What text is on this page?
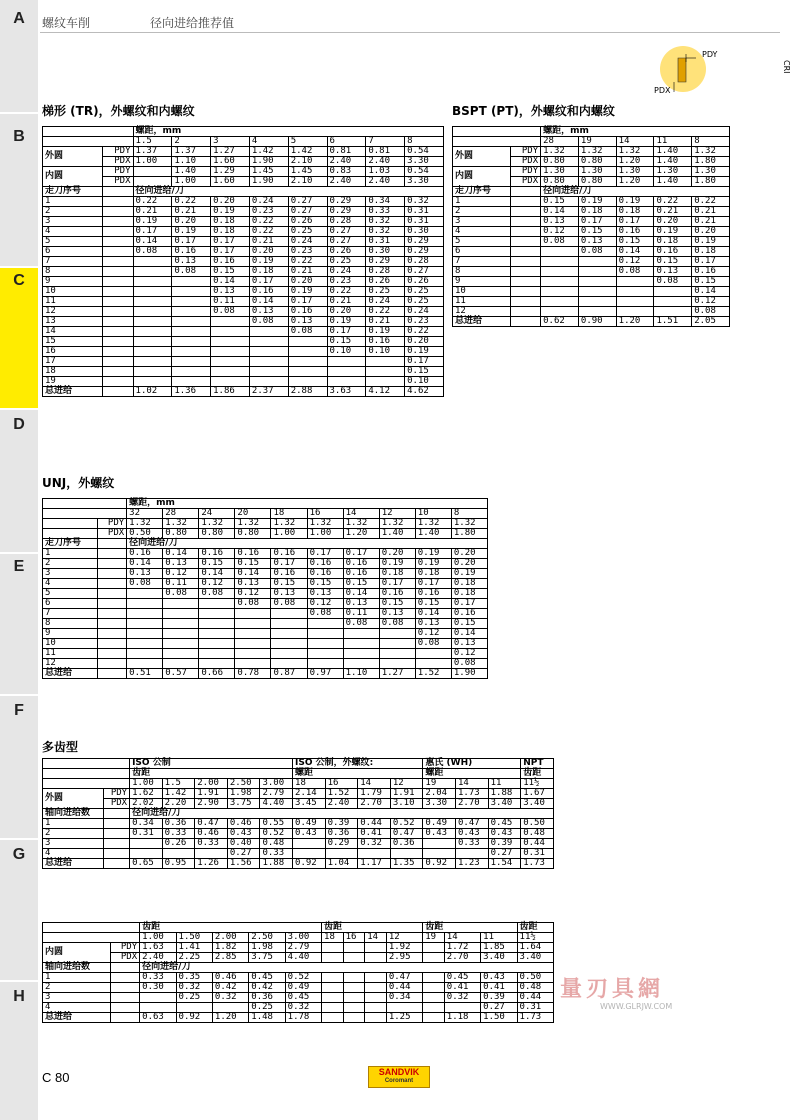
A
B
C
D
E
F
G
H
螺纹车削	径向进给推荐值
CRI
PDY
PDX
梯形 (TR)，外螺纹和内螺纹	BSPT (PT)，外螺纹和内螺纹
UNJ，外螺纹
多齿型
		螺距，mm							
		1.5	2	3	4	5	6	7	8
外圆	PDY	1.37	1.37	1.27	1.42	1.42	0.81	0.81	0.54
	PDX	1.00	1.10	1.60	1.90	2.10	2.40	2.40	3.30
内圆	PDY		1.40	1.29	1.45	1.45	0.83	1.03	0.54
	PDX		1.00	1.60	1.90	2.10	2.40	2.40	3.30
走刀序号		径向进给/刀							
1		0.22	0.22	0.20	0.24	0.27	0.29	0.34	0.32
2		0.21	0.21	0.19	0.23	0.27	0.29	0.33	0.31
3		0.19	0.20	0.18	0.22	0.26	0.28	0.32	0.31
4		0.17	0.19	0.18	0.22	0.25	0.27	0.32	0.30
5		0.14	0.17	0.17	0.21	0.24	0.27	0.31	0.29
6		0.08	0.16	0.17	0.20	0.23	0.26	0.30	0.29
7			0.13	0.16	0.19	0.22	0.25	0.29	0.28
8			0.08	0.15	0.18	0.21	0.24	0.28	0.27
9				0.14	0.17	0.20	0.23	0.26	0.26
10				0.13	0.16	0.19	0.22	0.25	0.25
11				0.11	0.14	0.17	0.21	0.24	0.25
12				0.08	0.13	0.16	0.20	0.22	0.24
13					0.08	0.13	0.19	0.21	0.23
14						0.08	0.17	0.19	0.22
15							0.15	0.16	0.20
16							0.10	0.10	0.19
17									0.17
18									0.15
19									0.10
总进给		1.02	1.36	1.86	2.37	2.88	3.63	4.12	4.62
		螺距，mm				
		28	19	14	11	8
外圆	PDY	1.32	1.32	1.32	1.40	1.32
	PDX	0.80	0.80	1.20	1.40	1.80
内圆	PDY	1.30	1.30	1.30	1.30	1.30
	PDX	0.80	0.80	1.20	1.40	1.80
走刀序号		径向进给/刀				
1		0.15	0.19	0.19	0.22	0.22
2		0.14	0.18	0.18	0.21	0.21
3		0.13	0.17	0.17	0.20	0.21
4		0.12	0.15	0.16	0.19	0.20
5		0.08	0.13	0.15	0.18	0.19
6			0.08	0.14	0.16	0.18
7				0.12	0.15	0.17
8				0.08	0.13	0.16
9					0.08	0.15
10						0.14
11						0.12
12						0.08
总进给		0.62	0.90	1.20	1.51	2.05
		螺距，mm									
		32	28	24	20	18	16	14	12	10	8
	PDY	1.32	1.32	1.32	1.32	1.32	1.32	1.32	1.32	1.32	1.32
	PDX	0.50	0.80	0.80	0.80	1.00	1.00	1.20	1.40	1.40	1.80
走刀序号		径向进给/刀									
1		0.16	0.14	0.16	0.16	0.16	0.17	0.17	0.20	0.19	0.20
2		0.14	0.13	0.15	0.15	0.17	0.16	0.16	0.19	0.19	0.20
3		0.13	0.12	0.14	0.14	0.16	0.16	0.16	0.18	0.18	0.19
4		0.08	0.11	0.12	0.13	0.15	0.15	0.15	0.17	0.17	0.18
5			0.08	0.08	0.12	0.13	0.13	0.14	0.16	0.16	0.18
6					0.08	0.08	0.12	0.13	0.15	0.15	0.17
7							0.08	0.11	0.13	0.14	0.16
8								0.08	0.08	0.13	0.15
9										0.12	0.14
10										0.08	0.13
11											0.12
12											0.08
总进给		0.51	0.57	0.66	0.78	0.87	0.97	1.10	1.27	1.52	1.90
		ISO 公制					ISO 公制，外螺纹:				惠氏 (WH)			NPT
		齿距					螺距				螺距			齿距
		1.00	1.5	2.00	2.50	3.00	18	16	14	12	19	14	11	11½
外圆	PDY	1.62	1.42	1.91	1.98	2.79	2.14	1.52	1.79	1.91	2.04	1.73	1.88	1.67
	PDX	2.02	2.20	2.90	3.75	4.40	3.45	2.40	2.70	3.10	3.30	2.70	3.40	3.40
轴向进给数		径向进给/刀												
1		0.34	0.36	0.47	0.46	0.55	0.49	0.39	0.44	0.52	0.49	0.47	0.45	0.50
2		0.31	0.33	0.46	0.43	0.52	0.43	0.36	0.41	0.47	0.43	0.43	0.43	0.48
3			0.26	0.33	0.40	0.48		0.29	0.32	0.36		0.33	0.39	0.44
4					0.27	0.33							0.27	0.31
总进给		0.65	0.95	1.26	1.56	1.88	0.92	1.04	1.17	1.35	0.92	1.23	1.54	1.73
		齿距					齿距				齿距			齿距
		1.00	1.50	2.00	2.50	3.00	18	16	14	12	19	14	11	11½
内圆	PDY	1.63	1.41	1.82	1.98	2.79				1.92		1.72	1.85	1.64
	PDX	2.40	2.25	2.85	3.75	4.40				2.95		2.70	3.40	3.40
轴向进给数		径向进给/刀												
1		0.33	0.35	0.46	0.45	0.52				0.47		0.45	0.43	0.50
2		0.30	0.32	0.42	0.42	0.49				0.44		0.41	0.41	0.48
3			0.25	0.32	0.36	0.45				0.34		0.32	0.39	0.44
4					0.25	0.32							0.27	0.31
总进给		0.63	0.92	1.20	1.48	1.78				1.25		1.18	1.50	1.73
量刃具網
WWW.GLRJW.COM
C 80	SANDVIK
Coromant
